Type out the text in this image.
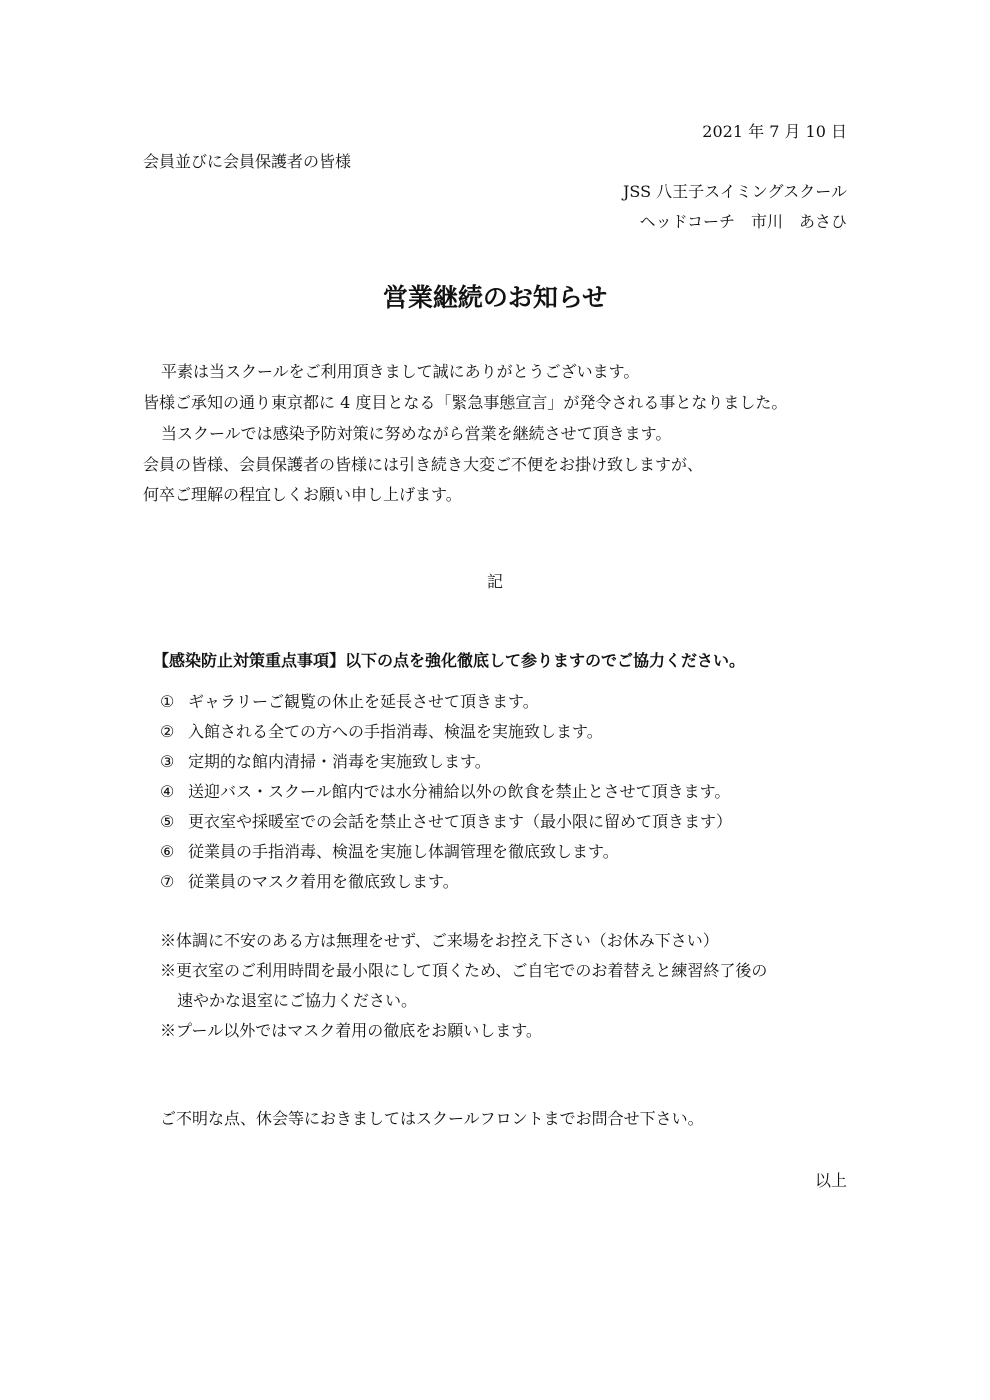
2021 年 7 月 10 日
会員並びに会員保護者の皆様
JSS 八王子スイミングスクール
ヘッドコーチ　市川　あさひ
営業継続のお知らせ
平素は当スクールをご利用頂きまして誠にありがとうございます。
皆様ご承知の通り東京都に 4 度目となる「緊急事態宣言」が発令される事となりました。
当スクールでは感染予防対策に努めながら営業を継続させて頂きます。
会員の皆様、会員保護者の皆様には引き続き大変ご不便をお掛け致しますが、
何卒ご理解の程宜しくお願い申し上げます。
記
【感染防止対策重点事項】以下の点を強化徹底して参りますのでご協力ください。
① ギャラリーご観覧の休止を延長させて頂きます。
② 入館される全ての方への手指消毒、検温を実施致します。
③ 定期的な館内清掃・消毒を実施致します。
④ 送迎バス・スクール館内では水分補給以外の飲食を禁止とさせて頂きます。
⑤ 更衣室や採暖室での会話を禁止させて頂きます（最小限に留めて頂きます）
⑥ 従業員の手指消毒、検温を実施し体調管理を徹底致します。
⑦ 従業員のマスク着用を徹底致します。
※体調に不安のある方は無理をせず、ご来場をお控え下さい（お休み下さい）
※更衣室のご利用時間を最小限にして頂くため、ご自宅でのお着替えと練習終了後の
速やかな退室にご協力ください。
※プール以外ではマスク着用の徹底をお願いします。
ご不明な点、休会等におきましてはスクールフロントまでお問合せ下さい。
以上
